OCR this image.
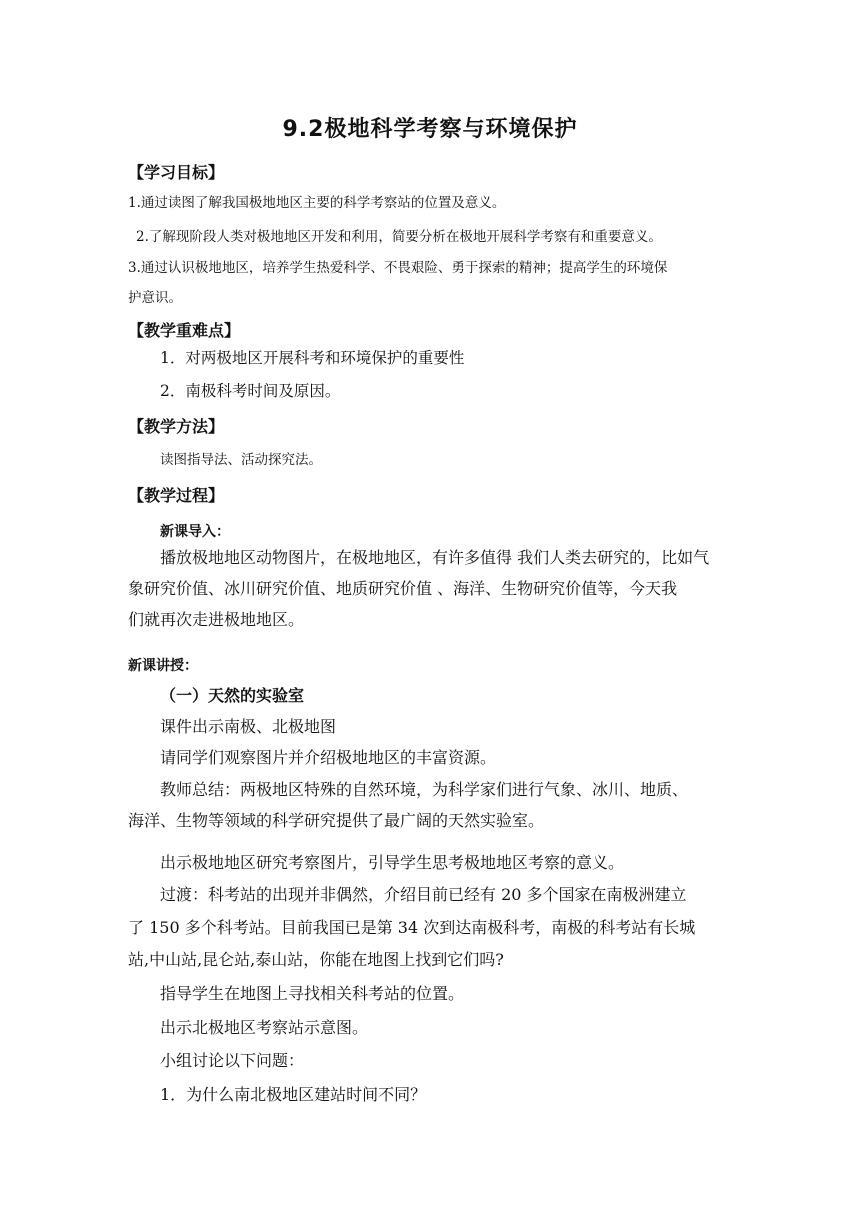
9.2极地科学考察与环境保护
【学习目标】
1.通过读图了解我国极地地区主要的科学考察站的位置及意义。
2.了解现阶段人类对极地地区开发和利用，简要分析在极地开展科学考察有和重要意义。
3.通过认识极地地区，培养学生热爱科学、不畏艰险、勇于探索的精神；提高学生的环境保
护意识。
【教学重难点】
1．对两极地区开展科考和环境保护的重要性
2．南极科考时间及原因。
【教学方法】
读图指导法、活动探究法。
【教学过程】
新课导入：
播放极地地区动物图片，在极地地区，有许多值得 我们人类去研究的，比如气
象研究价值、冰川研究价值、地质研究价值 、海洋、生物研究价值等，今天我
们就再次走进极地地区。
新课讲授：
（一）天然的实验室
课件出示南极、北极地图
请同学们观察图片并介绍极地地区的丰富资源。
教师总结：两极地区特殊的自然环境，为科学家们进行气象、冰川、地质、
海洋、生物等领域的科学研究提供了最广阔的天然实验室。
出示极地地区研究考察图片，引导学生思考极地地区考察的意义。
过渡：科考站的出现并非偶然，介绍目前已经有 20 多个国家在南极洲建立
了 150 多个科考站。目前我国已是第 34 次到达南极科考，南极的科考站有长城
站,中山站,昆仑站,泰山站，你能在地图上找到它们吗?
指导学生在地图上寻找相关科考站的位置。
出示北极地区考察站示意图。
小组讨论以下问题：
1．为什么南北极地区建站时间不同？
